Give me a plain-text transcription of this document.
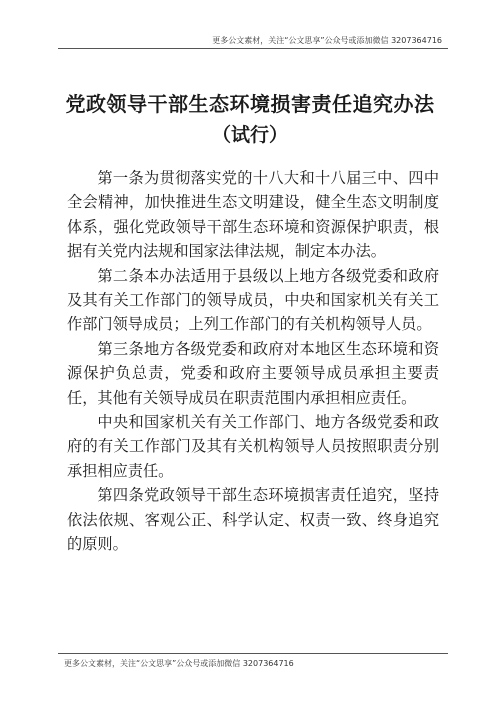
更多公文素材，关注“公文思享”公众号或添加微信 3207364716
党政领导干部生态环境损害责任追究办法
（试行）

第一条为贯彻落实党的十八大和十八届三中、四中全会精神，加快推进生态文明建设，健全生态文明制度体系，强化党政领导干部生态环境和资源保护职责，根据有关党内法规和国家法律法规，制定本办法。

第二条本办法适用于县级以上地方各级党委和政府及其有关工作部门的领导成员，中央和国家机关有关工作部门领导成员；上列工作部门的有关机构领导人员。

第三条地方各级党委和政府对本地区生态环境和资源保护负总责，党委和政府主要领导成员承担主要责任，其他有关领导成员在职责范围内承担相应责任。

中央和国家机关有关工作部门、地方各级党委和政府的有关工作部门及其有关机构领导人员按照职责分别承担相应责任。

第四条党政领导干部生态环境损害责任追究，坚持依法依规、客观公正、科学认定、权责一致、终身追究的原则。

更多公文素材，关注“公文思享”公众号或添加微信 3207364716
